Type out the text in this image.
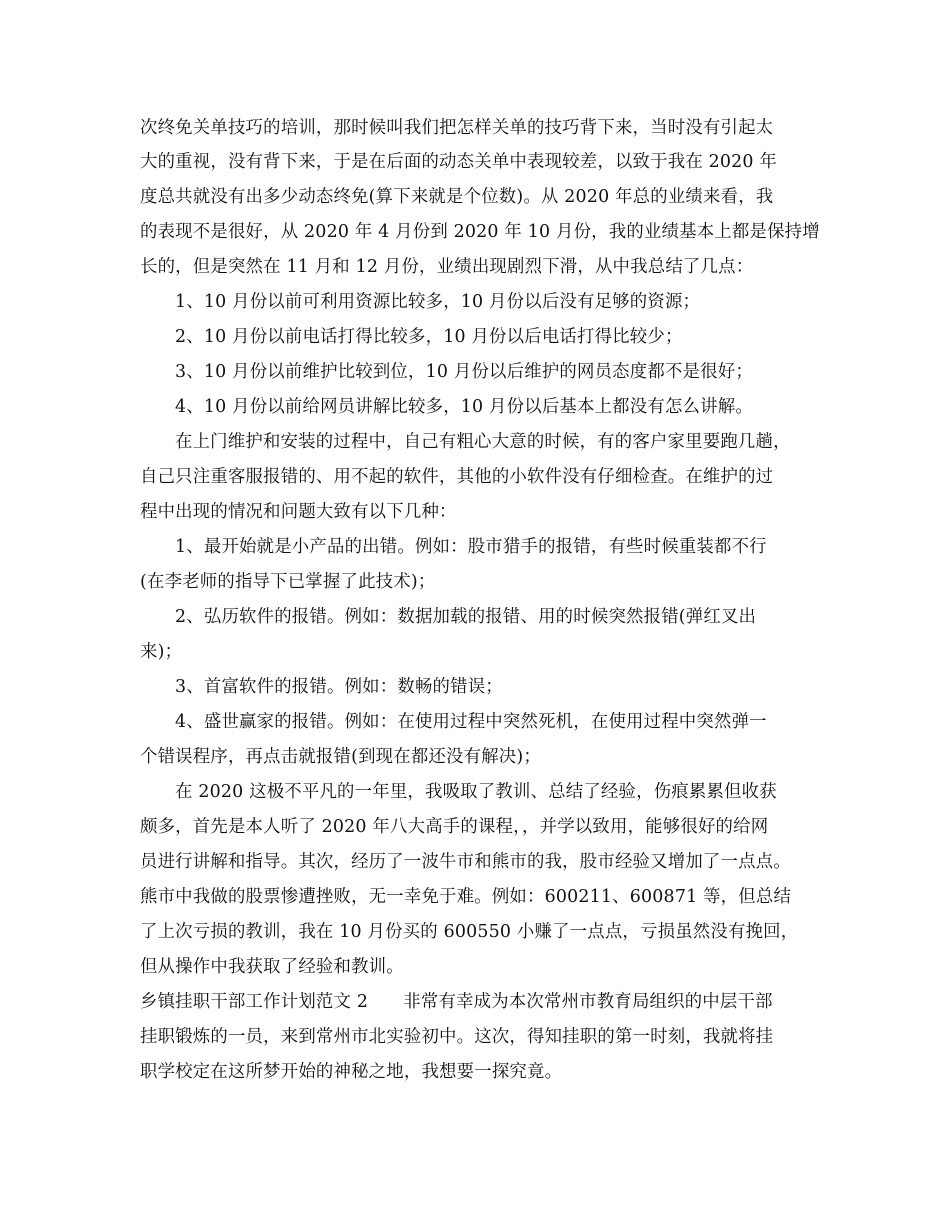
次终免关单技巧的培训，那时候叫我们把怎样关单的技巧背下来，当时没有引起太
大的重视，没有背下来，于是在后面的动态关单中表现较差，以致于我在 2020 年
度总共就没有出多少动态终免(算下来就是个位数)。从 2020 年总的业绩来看，我
的表现不是很好，从 2020 年 4 月份到 2020 年 10 月份，我的业绩基本上都是保持增
长的，但是突然在 11 月和 12 月份，业绩出现剧烈下滑，从中我总结了几点：
1、10 月份以前可利用资源比较多，10 月份以后没有足够的资源；
2、10 月份以前电话打得比较多，10 月份以后电话打得比较少；
3、10 月份以前维护比较到位，10 月份以后维护的网员态度都不是很好；
4、10 月份以前给网员讲解比较多，10 月份以后基本上都没有怎么讲解。
在上门维护和安装的过程中，自己有粗心大意的时候，有的客户家里要跑几趟，
自己只注重客服报错的、用不起的软件，其他的小软件没有仔细检查。在维护的过
程中出现的情况和问题大致有以下几种：
1、最开始就是小产品的出错。例如：股市猎手的报错，有些时候重装都不行
(在李老师的指导下已掌握了此技术)；
2、弘历软件的报错。例如：数据加载的报错、用的时候突然报错(弹红叉出
来)；
3、首富软件的报错。例如：数畅的错误；
4、盛世赢家的报错。例如：在使用过程中突然死机，在使用过程中突然弹一
个错误程序，再点击就报错(到现在都还没有解决)；
在 2020 这极不平凡的一年里，我吸取了教训、总结了经验，伤痕累累但收获
颇多，首先是本人听了 2020 年八大高手的课程，，并学以致用，能够很好的给网
员进行讲解和指导。其次，经历了一波牛市和熊市的我，股市经验又增加了一点点。
熊市中我做的股票惨遭挫败，无一幸免于难。例如：600211、600871 等，但总结
了上次亏损的教训，我在 10 月份买的 600550 小赚了一点点，亏损虽然没有挽回，
但从操作中我获取了经验和教训。
乡镇挂职干部工作计划范文 2　　非常有幸成为本次常州市教育局组织的中层干部
挂职锻炼的一员，来到常州市北实验初中。这次，得知挂职的第一时刻，我就将挂
职学校定在这所梦开始的神秘之地，我想要一探究竟。
